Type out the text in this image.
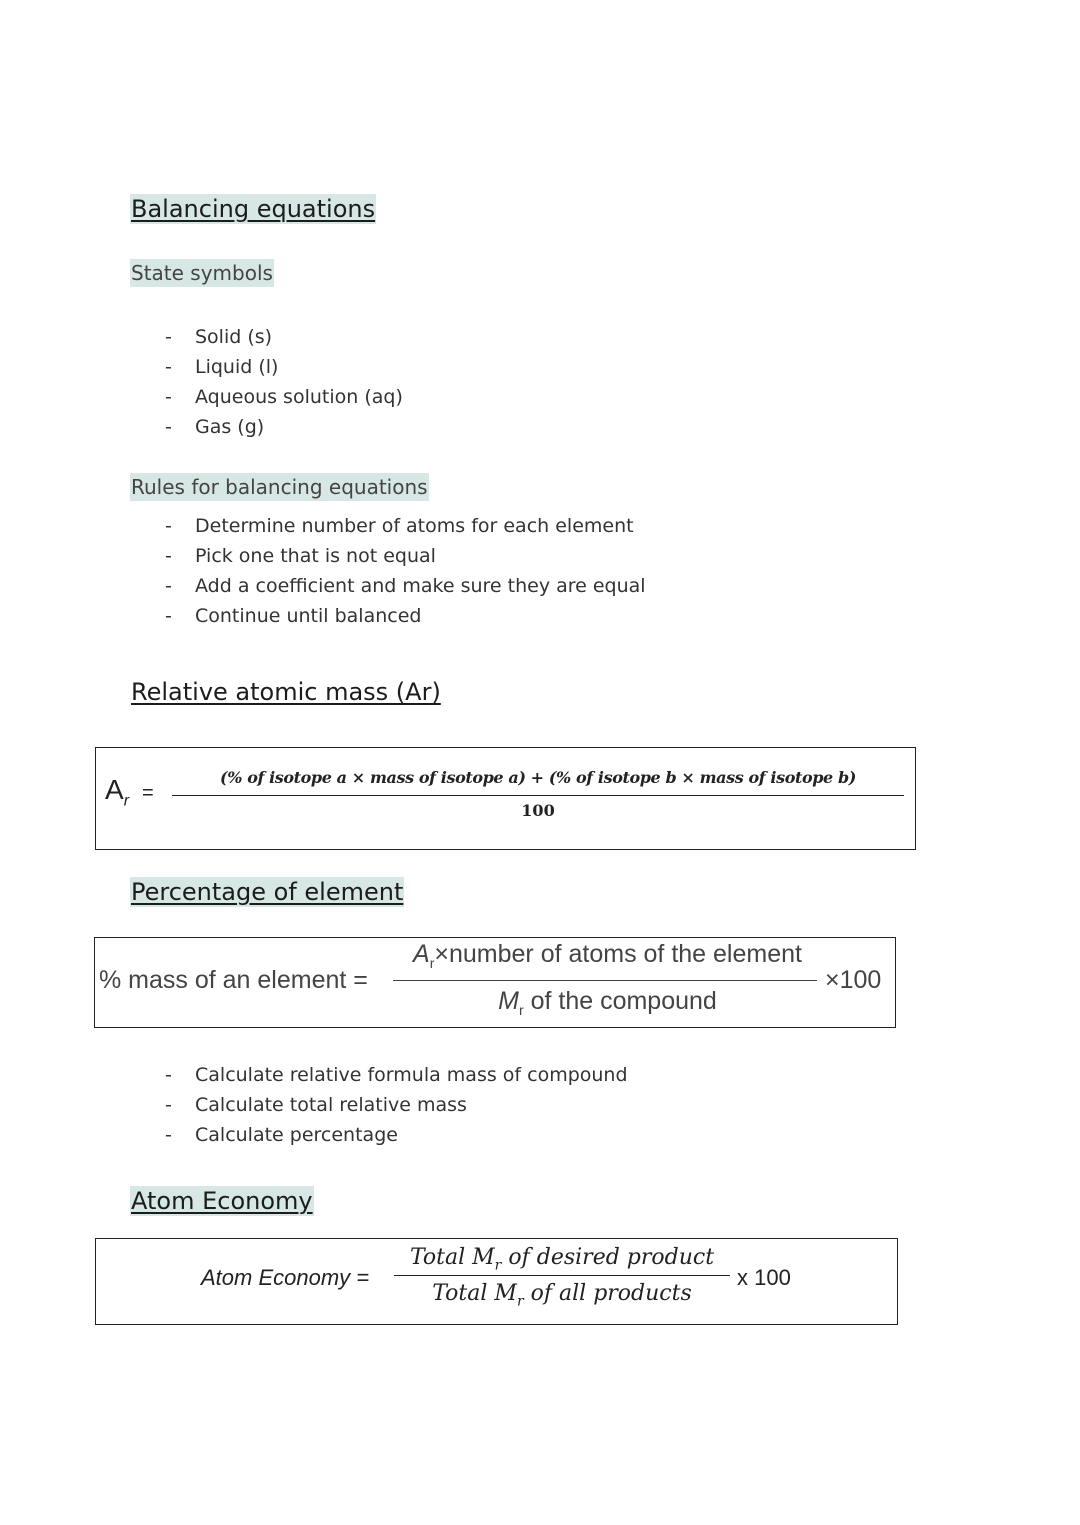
Balancing equations
State symbols
- Solid (s)
- Liquid (l)
- Aqueous solution (aq)
- Gas (g)
Rules for balancing equations
- Determine number of atoms for each element
- Pick one that is not equal
- Add a coefficient and make sure they are equal
- Continue until balanced
Relative atomic mass (Ar)
$A_r$ =
(% of isotope a × mass of isotope a) + (% of isotope b × mass of isotope b)
100
Percentage of element
% mass of an element =
$A_r\times number$ of atoms of the element
$M_r$ of the compound
×100
- Calculate relative formula mass of compound
- Calculate total relative mass
- Calculate percentage
Atom Economy
Atom Economy =
Total $M_r$ of desired product
Total $M_r$ of all products
x 100
